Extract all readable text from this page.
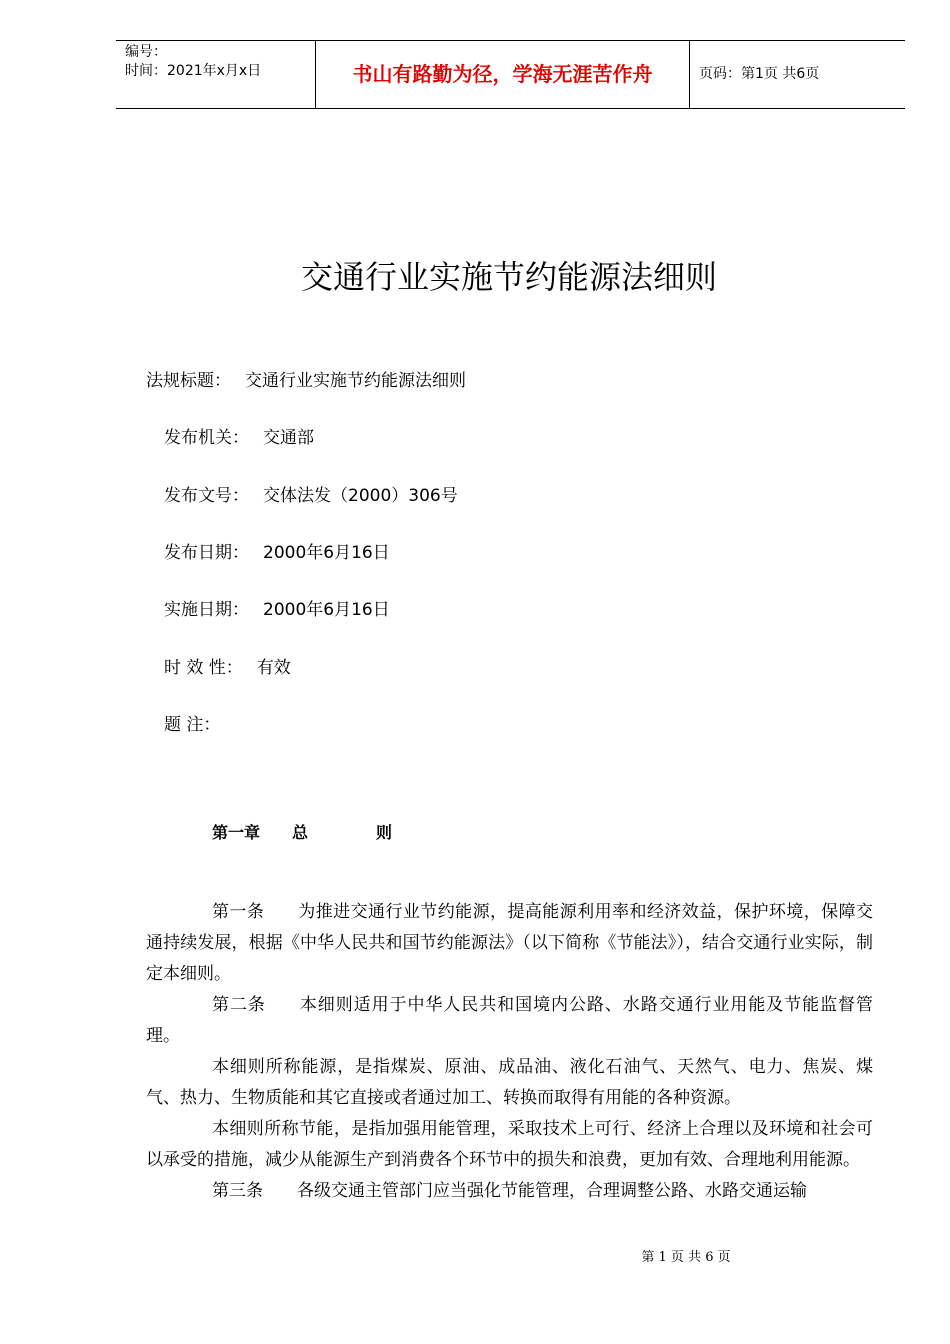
编号：
时间：2021年x月x日	书山有路勤为径，学海无涯苦作舟	页码：第1页 共6页
交通行业实施节约能源法细则
法规标题： 交通行业实施节约能源法细则
发布机关： 交通部
发布文号： 交体法发（2000）306号
发布日期： 2000年6月16日
实施日期： 2000年6月16日
时 效 性： 有效
题 注：
第一章 总	则

第一条 为推进交通行业节约能源，提高能源利用率和经济效益，保护环境，保障交通持续发展，根据《中华人民共和国节约能源法》（以下简称《节能法》），结合交通行业实际，制定本细则。

第二条 本细则适用于中华人民共和国境内公路、水路交通行业用能及节能监督管理。

本细则所称能源，是指煤炭、原油、成品油、液化石油气、天然气、电力、焦炭、煤气、热力、生物质能和其它直接或者通过加工、转换而取得有用能的各种资源。

本细则所称节能，是指加强用能管理，采取技术上可行、经济上合理以及环境和社会可以承受的措施，减少从能源生产到消费各个环节中的损失和浪费，更加有效、合理地利用能源。

第三条 各级交通主管部门应当强化节能管理，合理调整公路、水路交通运输

第 1 页 共 6 页
